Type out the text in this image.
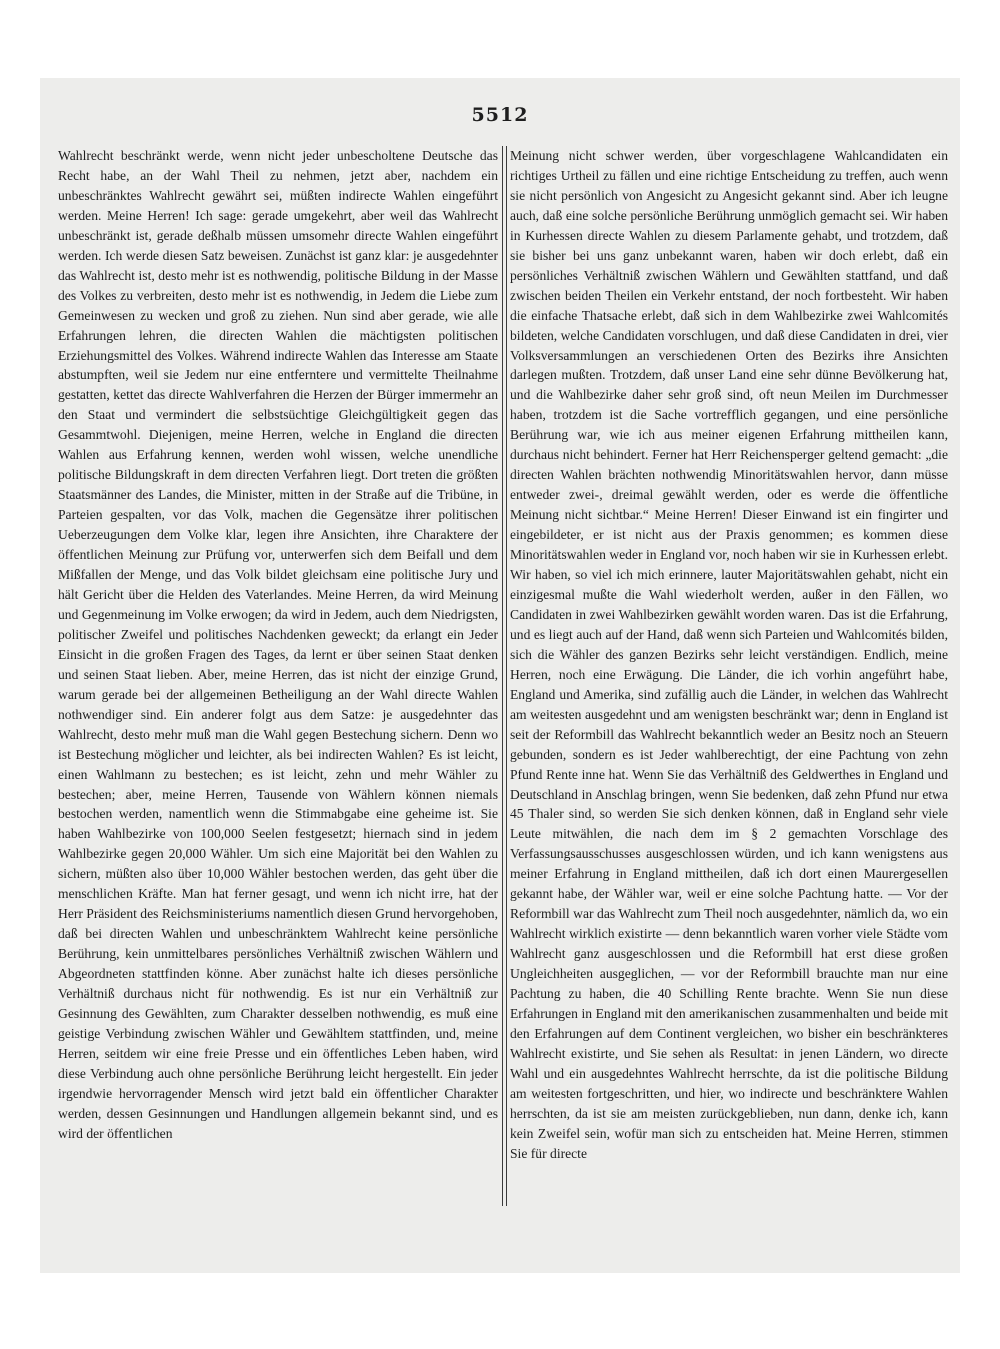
5512

Wahlrecht beschränkt werde, wenn nicht jeder unbescholtene Deutsche das Recht habe, an der Wahl Theil zu nehmen, jetzt aber, nachdem ein unbeschränktes Wahlrecht gewährt sei, müßten indirecte Wahlen eingeführt werden. Meine Herren! Ich sage: gerade umgekehrt, aber weil das Wahlrecht unbeschränkt ist, gerade deßhalb müssen umsomehr directe Wahlen eingeführt werden. Ich werde diesen Satz beweisen. Zunächst ist ganz klar: je ausgedehnter das Wahlrecht ist, desto mehr ist es nothwendig, politische Bildung in der Masse des Volkes zu verbreiten, desto mehr ist es nothwendig, in Jedem die Liebe zum Gemeinwesen zu wecken und groß zu ziehen. Nun sind aber gerade, wie alle Erfahrungen lehren, die directen Wahlen die mächtigsten politischen Erziehungsmittel des Volkes. Während indirecte Wahlen das Interesse am Staate abstumpften, weil sie Jedem nur eine entferntere und vermittelte Theilnahme gestatten, kettet das directe Wahlverfahren die Herzen der Bürger immermehr an den Staat und vermindert die selbstsüchtige Gleichgültigkeit gegen das Gesammtwohl. Diejenigen, meine Herren, welche in England die directen Wahlen aus Erfahrung kennen, werden wohl wissen, welche unendliche politische Bildungskraft in dem directen Verfahren liegt. Dort treten die größten Staatsmänner des Landes, die Minister, mitten in der Straße auf die Tribüne, in Parteien gespalten, vor das Volk, machen die Gegensätze ihrer politischen Ueberzeugungen dem Volke klar, legen ihre Ansichten, ihre Charaktere der öffentlichen Meinung zur Prüfung vor, unterwerfen sich dem Beifall und dem Mißfallen der Menge, und das Volk bildet gleichsam eine politische Jury und hält Gericht über die Helden des Vaterlandes. Meine Herren, da wird Meinung und Gegenmeinung im Volke erwogen; da wird in Jedem, auch dem Niedrigsten, politischer Zweifel und politisches Nachdenken geweckt; da erlangt ein Jeder Einsicht in die großen Fragen des Tages, da lernt er über seinen Staat denken und seinen Staat lieben. Aber, meine Herren, das ist nicht der einzige Grund, warum gerade bei der allgemeinen Betheiligung an der Wahl directe Wahlen nothwendiger sind. Ein anderer folgt aus dem Satze: je ausgedehnter das Wahlrecht, desto mehr muß man die Wahl gegen Bestechung sichern. Denn wo ist Bestechung möglicher und leichter, als bei indirecten Wahlen? Es ist leicht, einen Wahlmann zu bestechen; es ist leicht, zehn und mehr Wähler zu bestechen; aber, meine Herren, Tausende von Wählern können niemals bestochen werden, namentlich wenn die Stimmabgabe eine geheime ist. Sie haben Wahlbezirke von 100,000 Seelen festgesetzt; hiernach sind in jedem Wahlbezirke gegen 20,000 Wähler. Um sich eine Majorität bei den Wahlen zu sichern, müßten also über 10,000 Wähler bestochen werden, das geht über die menschlichen Kräfte. Man hat ferner gesagt, und wenn ich nicht irre, hat der Herr Präsident des Reichsministeriums namentlich diesen Grund hervorgehoben, daß bei directen Wahlen und unbeschränktem Wahlrecht keine persönliche Berührung, kein unmittelbares persönliches Verhältniß zwischen Wählern und Abgeordneten stattfinden könne. Aber zunächst halte ich dieses persönliche Verhältniß durchaus nicht für nothwendig. Es ist nur ein Verhältniß zur Gesinnung des Gewählten, zum Charakter desselben nothwendig, es muß eine geistige Verbindung zwischen Wähler und Gewähltem stattfinden, und, meine Herren, seitdem wir eine freie Presse und ein öffentliches Leben haben, wird diese Verbindung auch ohne persönliche Berührung leicht hergestellt. Ein jeder irgendwie hervorragender Mensch wird jetzt bald ein öffentlicher Charakter werden, dessen Gesinnungen und Handlungen allgemein bekannt sind, und es wird der öffentlichen

Meinung nicht schwer werden, über vorgeschlagene Wahlcandidaten ein richtiges Urtheil zu fällen und eine richtige Entscheidung zu treffen, auch wenn sie nicht persönlich von Angesicht zu Angesicht gekannt sind. Aber ich leugne auch, daß eine solche persönliche Berührung unmöglich gemacht sei. Wir haben in Kurhessen directe Wahlen zu diesem Parlamente gehabt, und trotzdem, daß sie bisher bei uns ganz unbekannt waren, haben wir doch erlebt, daß ein persönliches Verhältniß zwischen Wählern und Gewählten stattfand, und daß zwischen beiden Theilen ein Verkehr entstand, der noch fortbesteht. Wir haben die einfache Thatsache erlebt, daß sich in dem Wahlbezirke zwei Wahlcomités bildeten, welche Candidaten vorschlugen, und daß diese Candidaten in drei, vier Volksversammlungen an verschiedenen Orten des Bezirks ihre Ansichten darlegen mußten. Trotzdem, daß unser Land eine sehr dünne Bevölkerung hat, und die Wahlbezirke daher sehr groß sind, oft neun Meilen im Durchmesser haben, trotzdem ist die Sache vortrefflich gegangen, und eine persönliche Berührung war, wie ich aus meiner eigenen Erfahrung mittheilen kann, durchaus nicht behindert. Ferner hat Herr Reichensperger geltend gemacht: „die directen Wahlen brächten nothwendig Minoritätswahlen hervor, dann müsse entweder zwei-, dreimal gewählt werden, oder es werde die öffentliche Meinung nicht sichtbar.“ Meine Herren! Dieser Einwand ist ein fingirter und eingebildeter, er ist nicht aus der Praxis genommen; es kommen diese Minoritätswahlen weder in England vor, noch haben wir sie in Kurhessen erlebt. Wir haben, so viel ich mich erinnere, lauter Majoritätswahlen gehabt, nicht ein einzigesmal mußte die Wahl wiederholt werden, außer in den Fällen, wo Candidaten in zwei Wahlbezirken gewählt worden waren. Das ist die Erfahrung, und es liegt auch auf der Hand, daß wenn sich Parteien und Wahlcomités bilden, sich die Wähler des ganzen Bezirks sehr leicht verständigen. Endlich, meine Herren, noch eine Erwägung. Die Länder, die ich vorhin angeführt habe, England und Amerika, sind zufällig auch die Länder, in welchen das Wahlrecht am weitesten ausgedehnt und am wenigsten beschränkt war; denn in England ist seit der Reformbill das Wahlrecht bekanntlich weder an Besitz noch an Steuern gebunden, sondern es ist Jeder wahlberechtigt, der eine Pachtung von zehn Pfund Rente inne hat. Wenn Sie das Verhältniß des Geldwerthes in England und Deutschland in Anschlag bringen, wenn Sie bedenken, daß zehn Pfund nur etwa 45 Thaler sind, so werden Sie sich denken können, daß in England sehr viele Leute mitwählen, die nach dem im § 2 gemachten Vorschlage des Verfassungsausschusses ausgeschlossen würden, und ich kann wenigstens aus meiner Erfahrung in England mittheilen, daß ich dort einen Maurergesellen gekannt habe, der Wähler war, weil er eine solche Pachtung hatte. — Vor der Reformbill war das Wahlrecht zum Theil noch ausgedehnter, nämlich da, wo ein Wahlrecht wirklich existirte — denn bekanntlich waren vorher viele Städte vom Wahlrecht ganz ausgeschlossen und die Reformbill hat erst diese großen Ungleichheiten ausgeglichen, — vor der Reformbill brauchte man nur eine Pachtung zu haben, die 40 Schilling Rente brachte. Wenn Sie nun diese Erfahrungen in England mit den amerikanischen zusammenhalten und beide mit den Erfahrungen auf dem Continent vergleichen, wo bisher ein beschränkteres Wahlrecht existirte, und Sie sehen als Resultat: in jenen Ländern, wo directe Wahl und ein ausgedehntes Wahlrecht herrschte, da ist die politische Bildung am weitesten fortgeschritten, und hier, wo indirecte und beschränktere Wahlen herrschten, da ist sie am meisten zurückgeblieben, nun dann, denke ich, kann kein Zweifel sein, wofür man sich zu entscheiden hat. Meine Herren, stimmen Sie für directe
